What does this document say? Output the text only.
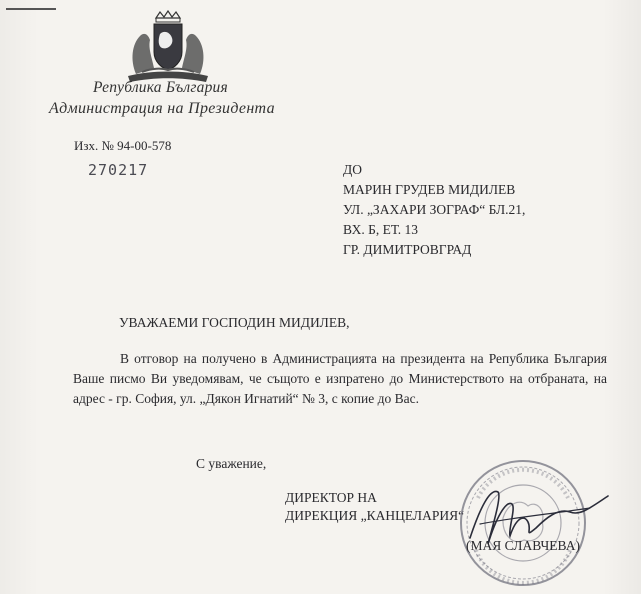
Република България
Администрация на Президента
Изх. № 94-00-578
270217	ДО
МАРИН ГРУДЕВ МИДИЛЕВ
УЛ. „ЗАХАРИ ЗОГРАФ“ БЛ.21,
ВХ. Б, ЕТ. 13
ГР. ДИМИТРОВГРАД
УВАЖАЕМИ ГОСПОДИН МИДИЛЕВ,
В отговор на получено в Администрацията на президента на Република България Ваше писмо Ви уведомявам, че същото е изпратено до Министерството на отбраната, на адрес - гр. София, ул. „Дякон Игнатий“ № 3, с копие до Вас.
С уважение,
ДИРЕКТОР НА
ДИРЕКЦИЯ „КАНЦЕЛАРИЯ“
(МАЯ СЛАВЧЕВА)
